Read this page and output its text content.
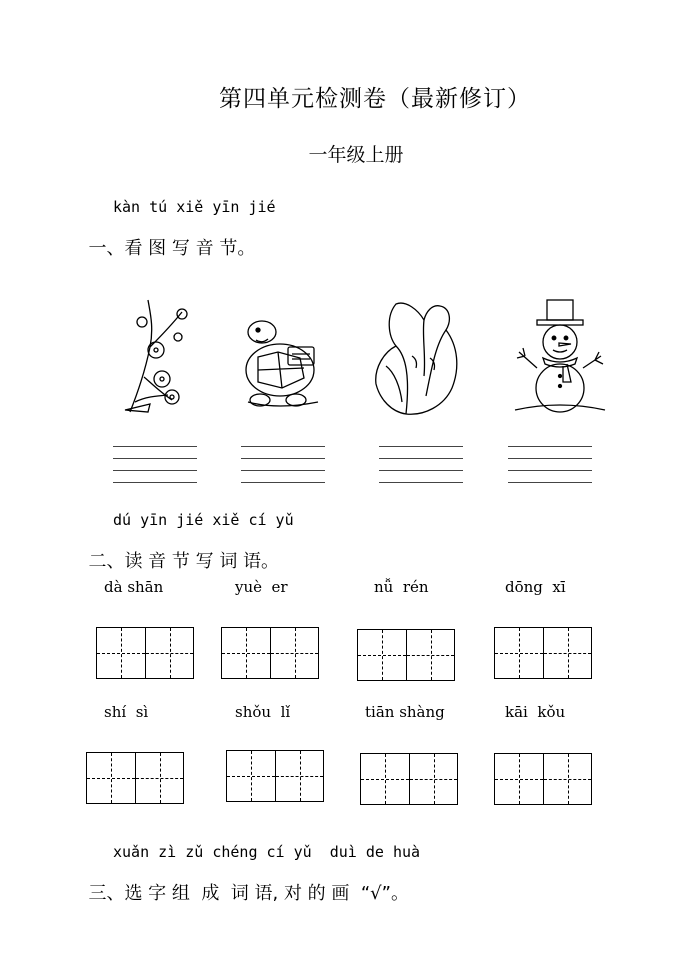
第四单元检测卷（最新修订）
一年级上册
kàn tú xiě yīn jié

一、看 图 写 音 节。

dú yīn jié xiě cí yǔ

二、读 音 节 写 词 语。

dà shān	yuè  er	nǚ  rén	dōng  xī
shí  sì	shǒu  lǐ	tiān shàng	kāi  kǒu
xuǎn zì zǔ chéng cí yǔ  duì de huà

三、选 字 组  成  词 语, 对 的 画  “√”。
